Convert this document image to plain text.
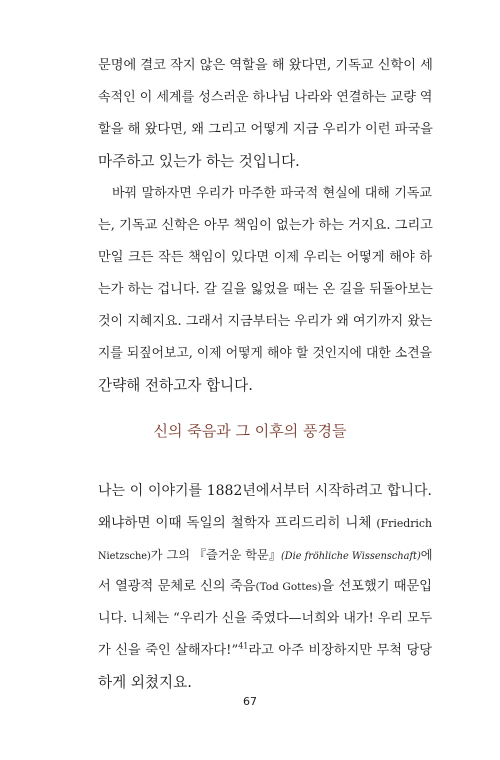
문명에 결코 작지 않은 역할을 해 왔다면, 기독교 신학이 세

속적인 이 세계를 성스러운 하나님 나라와 연결하는 교량 역

할을 해 왔다면, 왜 그리고 어떻게 지금 우리가 이런 파국을

마주하고 있는가 하는 것입니다.

바꿔 말하자면 우리가 마주한 파국적 현실에 대해 기독교

는, 기독교 신학은 아무 책임이 없는가 하는 거지요. 그리고

만일 크든 작든 책임이 있다면 이제 우리는 어떻게 해야 하

는가 하는 겁니다. 갈 길을 잃었을 때는 온 길을 뒤돌아보는

것이 지혜지요. 그래서 지금부터는 우리가 왜 여기까지 왔는

지를 되짚어보고, 이제 어떻게 해야 할 것인지에 대한 소견을

간략해 전하고자 합니다.

신의 죽음과 그 이후의 풍경들

나는 이 이야기를 1882년에서부터 시작하려고 합니다.

왜냐하면 이때 독일의 철학자 프리드리히 니체 (Friedrich

Nietzsche)가 그의 『즐거운 학문』(Die fröhliche Wissenschaft)에

서 열광적 문체로 신의 죽음(Tod Gottes)을 선포했기 때문입

니다. 니체는 “우리가 신을 죽였다—너희와 내가! 우리 모두

가 신을 죽인 살해자다!”$^{41}$라고 아주 비장하지만 무척 당당

하게 외쳤지요.

67
